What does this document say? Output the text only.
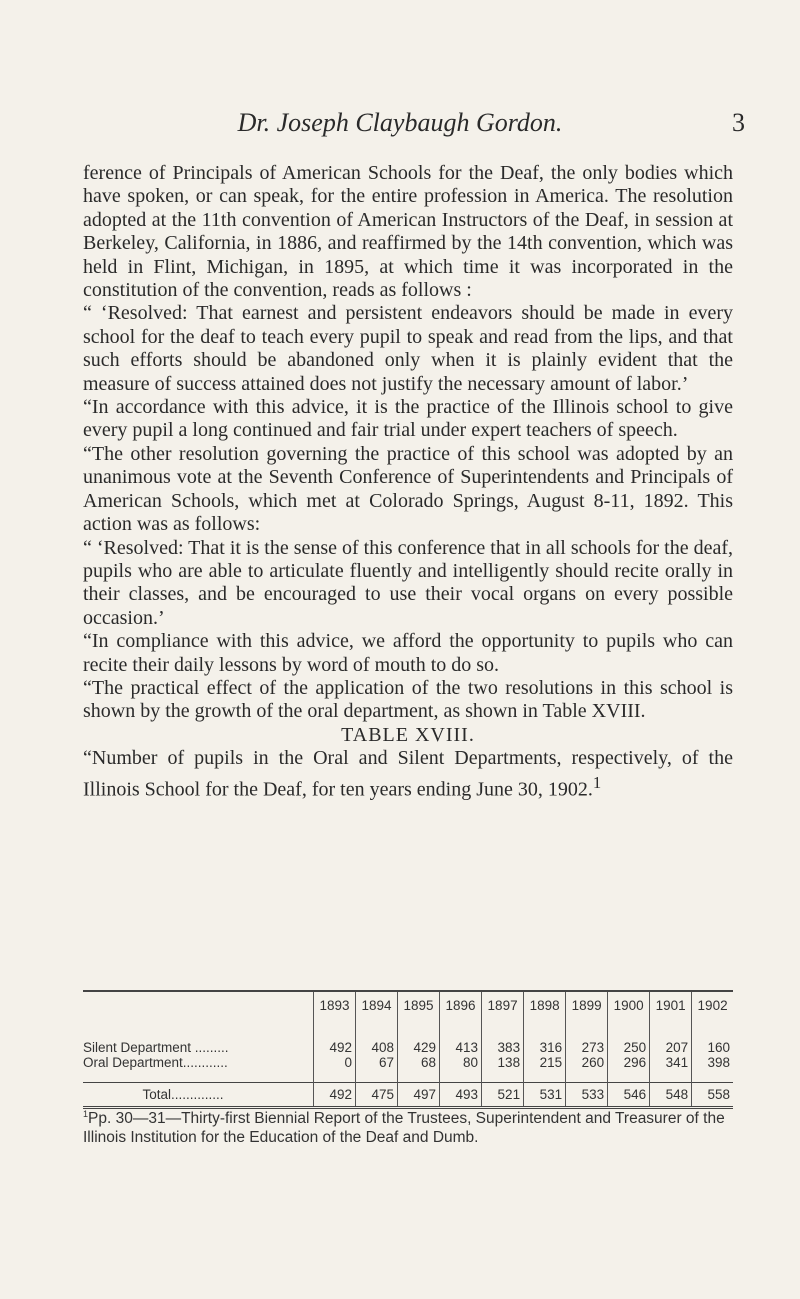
Dr. Joseph Claybaugh Gordon.	3

ference of Principals of American Schools for the Deaf, the only bodies which have spoken, or can speak, for the entire profession in America. The resolution adopted at the 11th convention of American Instructors of the Deaf, in session at Berkeley, California, in 1886, and reaffirmed by the 14th convention, which was held in Flint, Michigan, in 1895, at which time it was incorporated in the constitution of the convention, reads as follows :

“ ‘Resolved: That earnest and persistent endeavors should be made in every school for the deaf to teach every pupil to speak and read from the lips, and that such efforts should be abandoned only when it is plainly evident that the measure of success attained does not justify the necessary amount of labor.’

“In accordance with this advice, it is the practice of the Illinois school to give every pupil a long continued and fair trial under expert teachers of speech.

“The other resolution governing the practice of this school was adopted by an unanimous vote at the Seventh Conference of Superintendents and Principals of American Schools, which met at Colorado Springs, August 8-11, 1892. This action was as follows:

“ ‘Resolved: That it is the sense of this conference that in all schools for the deaf, pupils who are able to articulate fluently and intelligently should recite orally in their classes, and be encouraged to use their vocal organs on every possible occasion.’

“In compliance with this advice, we afford the opportunity to pupils who can recite their daily lessons by word of mouth to do so.

“The practical effect of the application of the two resolutions in this school is shown by the growth of the oral department, as shown in Table XVIII.

TABLE XVIII.

“Number of pupils in the Oral and Silent Departments, respectively, of the Illinois School for the Deaf, for ten years ending June 30, 1902.$^1$

	1893	1894	1895	1896	1897	1898	1899	1900	1901	1902
Silent Department .........	492	408	429	413	383	316	273	250	207	160
Oral Department............	0	67	68	80	138	215	260	296	341	398
Total..............	492	475	497	493	521	531	533	546	548	558
$^1$Pp. 30—31—Thirty-first Biennial Report of the Trustees, Superintendent and Treasurer of the Illinois Institution for the Education of the Deaf and Dumb.
